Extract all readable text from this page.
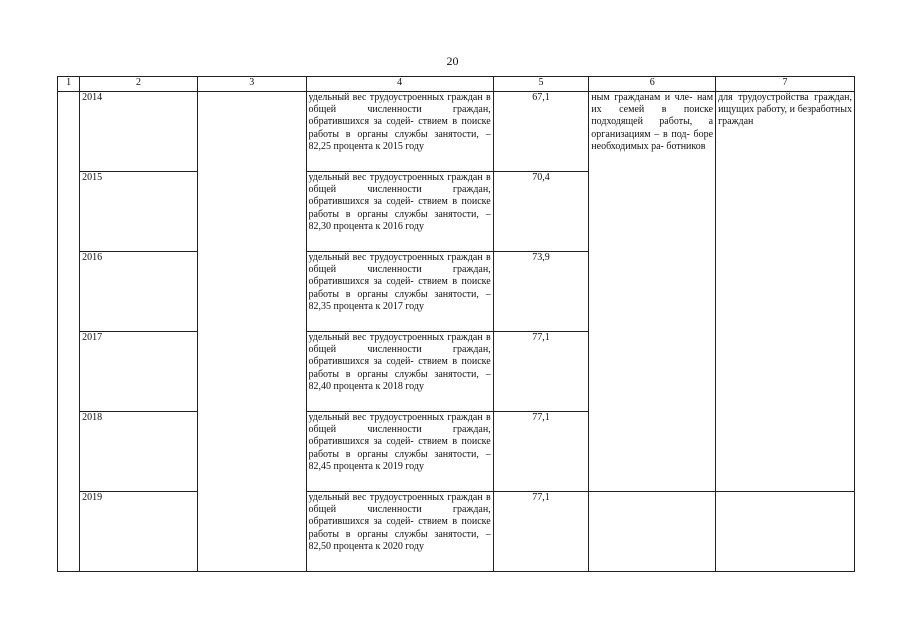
20
1	2	3	4	5	6	7
	2014		удельный вес трудоустроенных граждан в общей численности граждан, обратившихся за содей- ствием в поиске работы в органы службы занятости, – 82,25 процента к 2015 году	67,1	ным гражданам и чле- нам их семей в поиске подходящей работы, а организациям – в под- боре необходимых ра- ботников	для трудоустройства граждан, ищущих работу, и безработных граждан
	2015		удельный вес трудоустроенных граждан в общей численности граждан, обратившихся за содей- ствием в поиске работы в органы службы занятости, – 82,30 процента к 2016 году	70,4		
	2016		удельный вес трудоустроенных граждан в общей численности граждан, обратившихся за содей- ствием в поиске работы в органы службы занятости, – 82,35 процента к 2017 году	73,9		
	2017		удельный вес трудоустроенных граждан в общей численности граждан, обратившихся за содей- ствием в поиске работы в органы службы занятости, – 82,40 процента к 2018 году	77,1		
	2018		удельный вес трудоустроенных граждан в общей численности граждан, обратившихся за содей- ствием в поиске работы в органы службы занятости, – 82,45 процента к 2019 году	77,1		
	2019		удельный вес трудоустроенных граждан в общей численности граждан, обратившихся за содей- ствием в поиске работы в органы службы занятости, – 82,50 процента к 2020 году	77,1		
